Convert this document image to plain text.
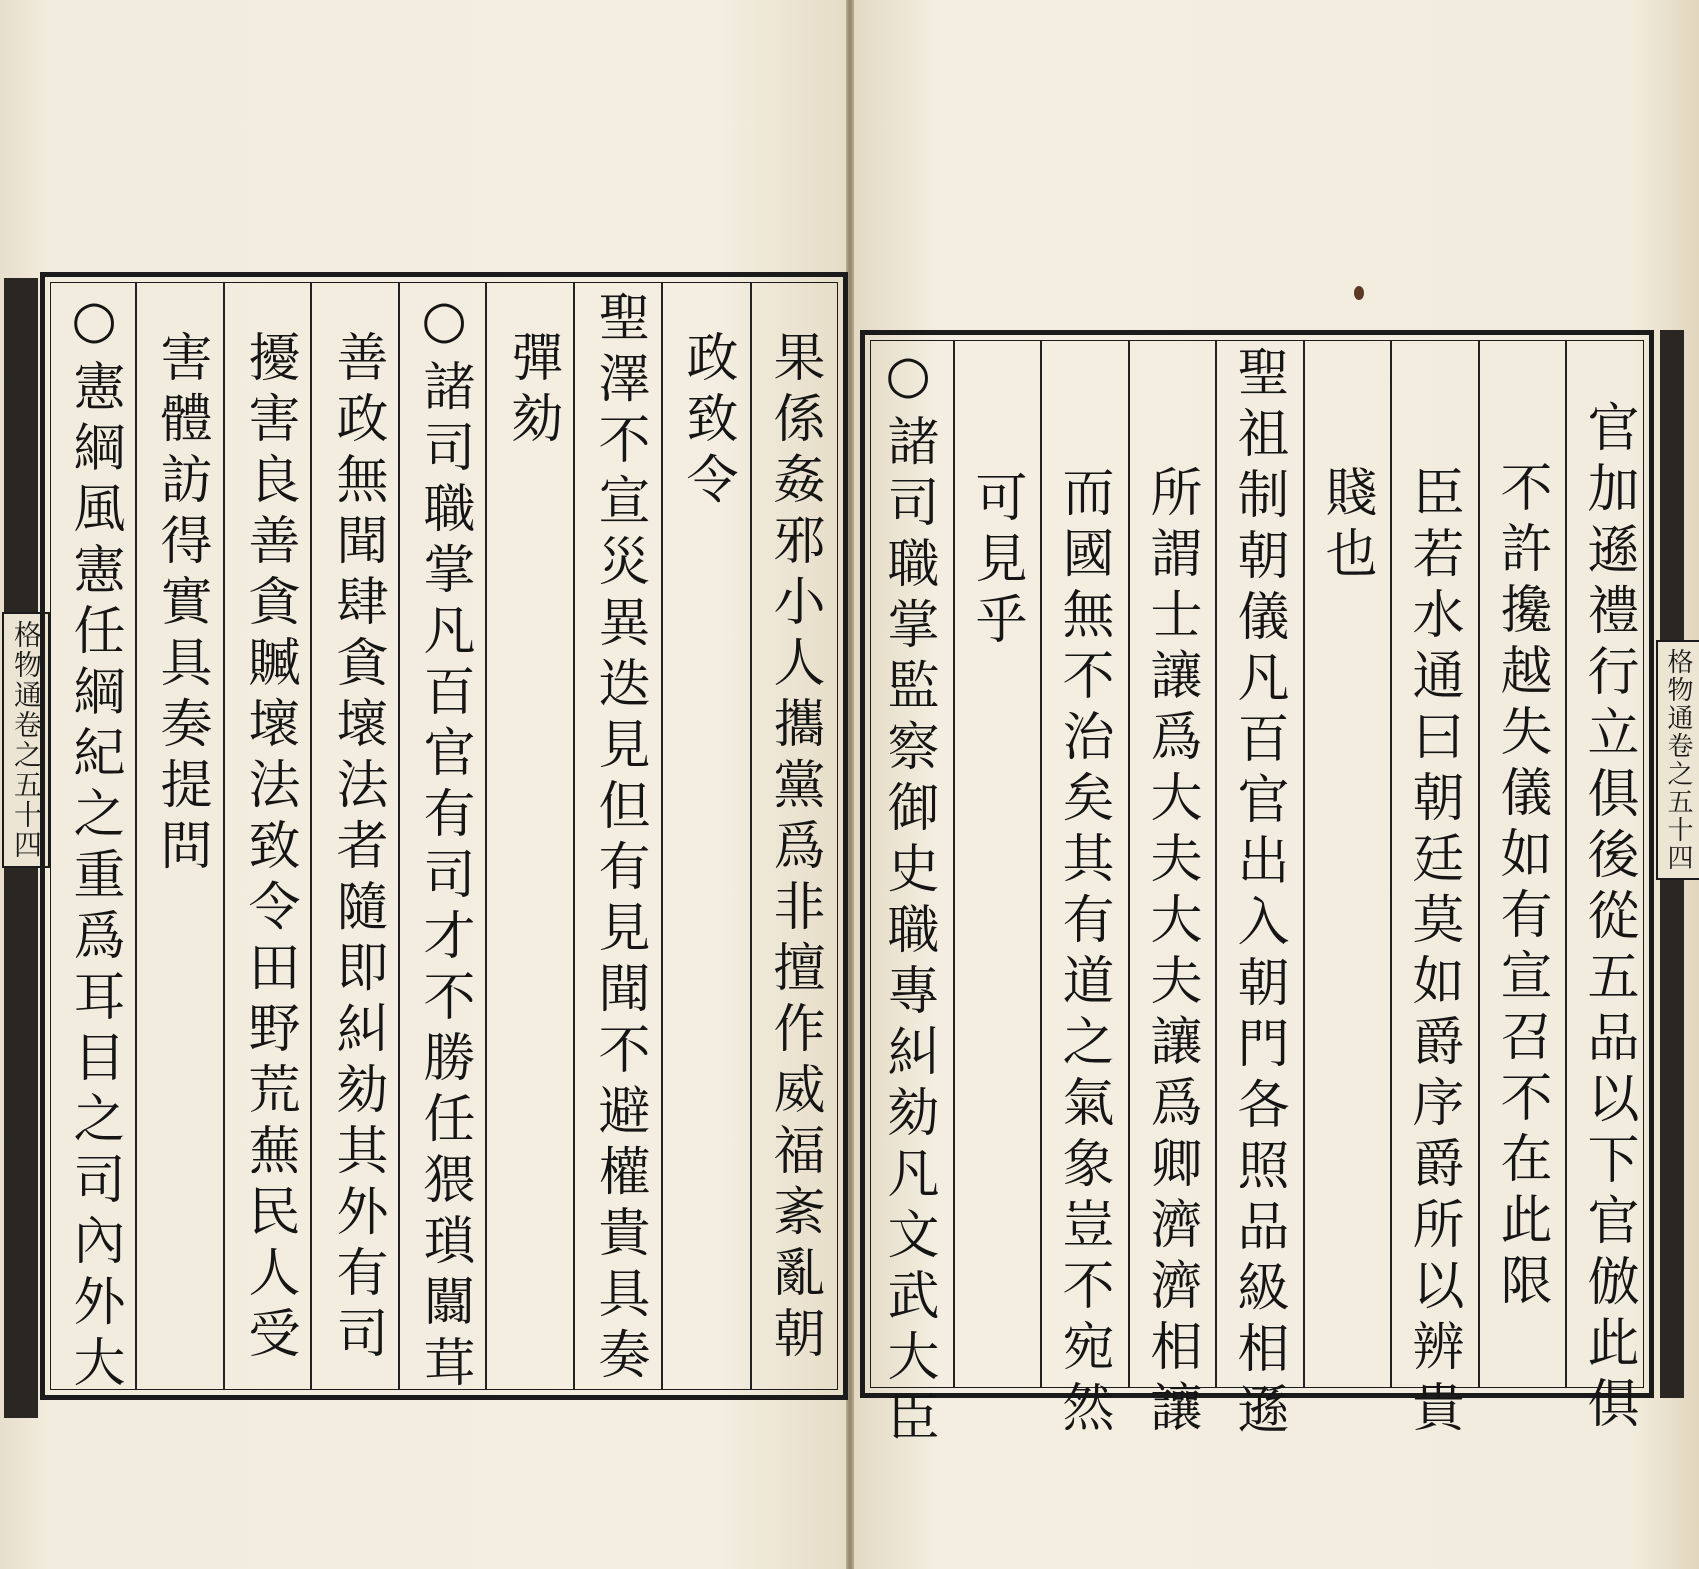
格物通卷之五十四	果係姦邪小人攜黨爲非擅作威福紊亂朝
政致令
聖澤不宣災異迭見但有見聞不避權貴具奏
彈劾
○諸司職掌凡百官有司才不勝任猥瑣闒茸
善政無聞肆貪壞法者隨即糾劾其外有司
擾害良善貪贓壞法致令田野荒蕪民人受
害體訪得實具奏提問
○憲綱風憲任綱紀之重爲耳目之司內外大	官加遜禮行立俱後從五品以下官倣此俱
不許攙越失儀如有宣召不在此限
臣若水通曰朝廷莫如爵序爵所以辨貴
賤也
聖祖制朝儀凡百官出入朝門各照品級相遜
所謂士讓爲大夫大夫讓爲卿濟濟相讓
而國無不治矣其有道之氣象豈不宛然
可見乎
○諸司職掌監察御史職專糾劾凡文武大臣	格物通卷之五十四
